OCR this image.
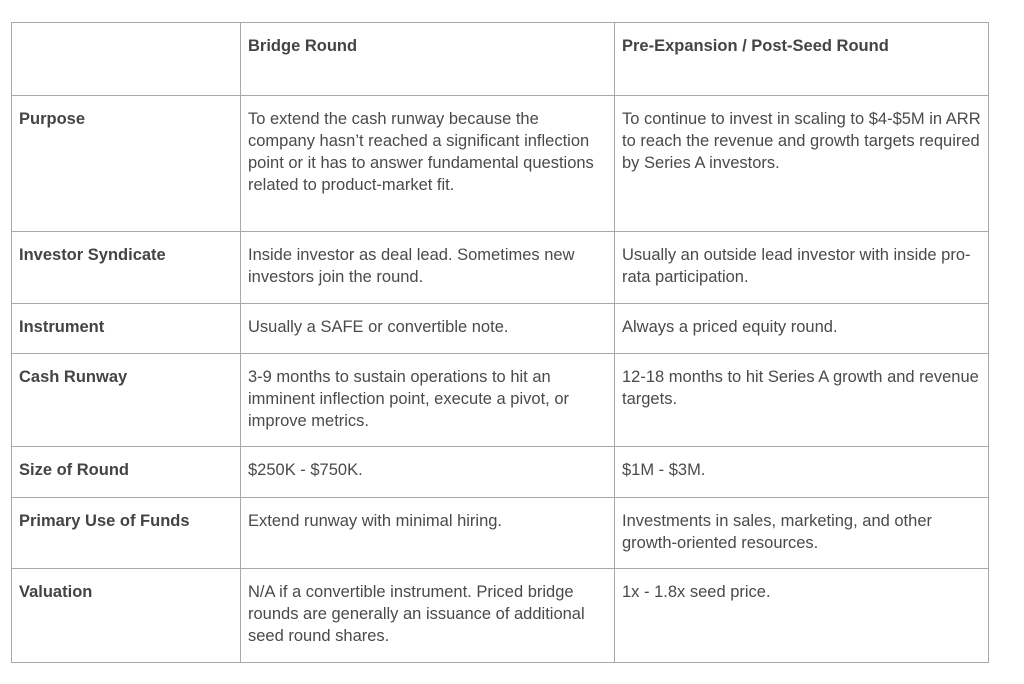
	Bridge Round	Pre-Expansion / Post-Seed Round
Purpose	To extend the cash runway because the company hasn’t reached a significant inflection point or it has to answer fundamental questions related to product-market fit.	To continue to invest in scaling to $4-$5M in ARR to reach the revenue and growth targets required by Series A investors.
Investor Syndicate	Inside investor as deal lead. Sometimes new investors join the round.	Usually an outside lead investor with inside pro-rata participation.
Instrument	Usually a SAFE or convertible note.	Always a priced equity round.
Cash Runway	3-9 months to sustain operations to hit an imminent inflection point, execute a pivot, or improve metrics.	12-18 months to hit Series A growth and revenue targets.
Size of Round	$250K - $750K.	$1M - $3M.
Primary Use of Funds	Extend runway with minimal hiring.	Investments in sales, marketing, and other growth-oriented resources.
Valuation	N/A if a convertible instrument. Priced bridge rounds are generally an issuance of additional seed round shares.	1x - 1.8x seed price.
